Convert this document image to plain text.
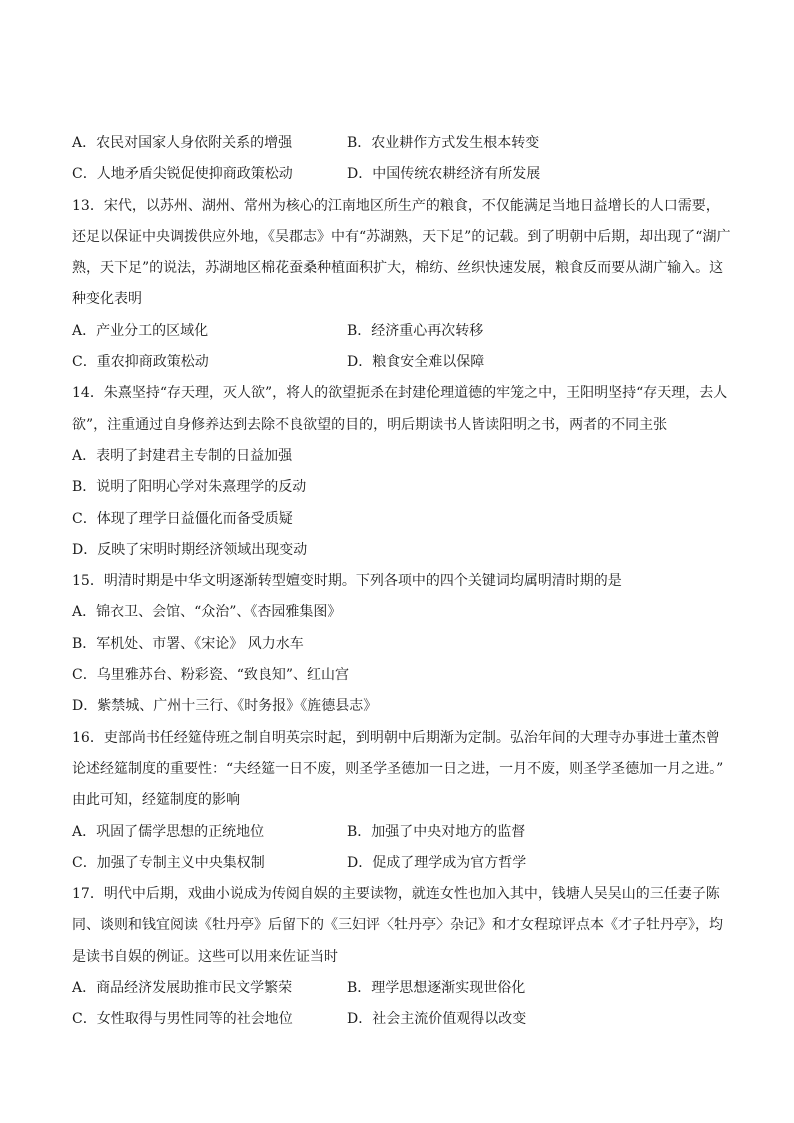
A．农民对国家人身依附关系的增强	B．农业耕作方式发生根本转变
C．人地矛盾尖锐促使抑商政策松动	D．中国传统农耕经济有所发展
13．宋代，以苏州、湖州、常州为核心的江南地区所生产的粮食，不仅能满足当地日益增长的人口需要，
还足以保证中央调拨供应外地，《吴郡志》中有“苏湖熟，天下足”的记载。到了明朝中后期，却出现了“湖广
熟，天下足”的说法，苏湖地区棉花蚕桑种植面积扩大，棉纺、丝织快速发展，粮食反而要从湖广输入。这
种变化表明
A．产业分工的区域化	B．经济重心再次转移
C．重农抑商政策松动	D．粮食安全难以保障
14．朱熹坚持“存天理，灭人欲”，将人的欲望扼杀在封建伦理道德的牢笼之中，王阳明坚持“存天理，去人
欲”，注重通过自身修养达到去除不良欲望的目的，明后期读书人皆读阳明之书，两者的不同主张
A．表明了封建君主专制的日益加强
B．说明了阳明心学对朱熹理学的反动
C．体现了理学日益僵化而备受质疑
D．反映了宋明时期经济领域出现变动
15．明清时期是中华文明逐渐转型嬗变时期。下列各项中的四个关键词均属明清时期的是
A．锦衣卫、会馆、“众治”、《杏园雅集图》
B．军机处、市署、《宋论》 风力水车
C．乌里雅苏台、粉彩瓷、“致良知”、红山宫
D．紫禁城、广州十三行、《时务报》《旌德县志》
16．吏部尚书任经筵侍班之制自明英宗时起，到明朝中后期渐为定制。弘治年间的大理寺办事进士董杰曾
论述经筵制度的重要性：“夫经筵一日不废，则圣学圣德加一日之进，一月不废，则圣学圣德加一月之进。”
由此可知，经筵制度的影响
A．巩固了儒学思想的正统地位	B．加强了中央对地方的监督
C．加强了专制主义中央集权制	D．促成了理学成为官方哲学
17．明代中后期，戏曲小说成为传阅自娱的主要读物，就连女性也加入其中，钱塘人吴吴山的三任妻子陈
同、谈则和钱宜阅读《牡丹亭》后留下的《三妇评〈牡丹亭〉杂记》和才女程琼评点本《才子牡丹亭》，均
是读书自娱的例证。这些可以用来佐证当时
A．商品经济发展助推市民文学繁荣	B．理学思想逐渐实现世俗化
C．女性取得与男性同等的社会地位	D．社会主流价值观得以改变
